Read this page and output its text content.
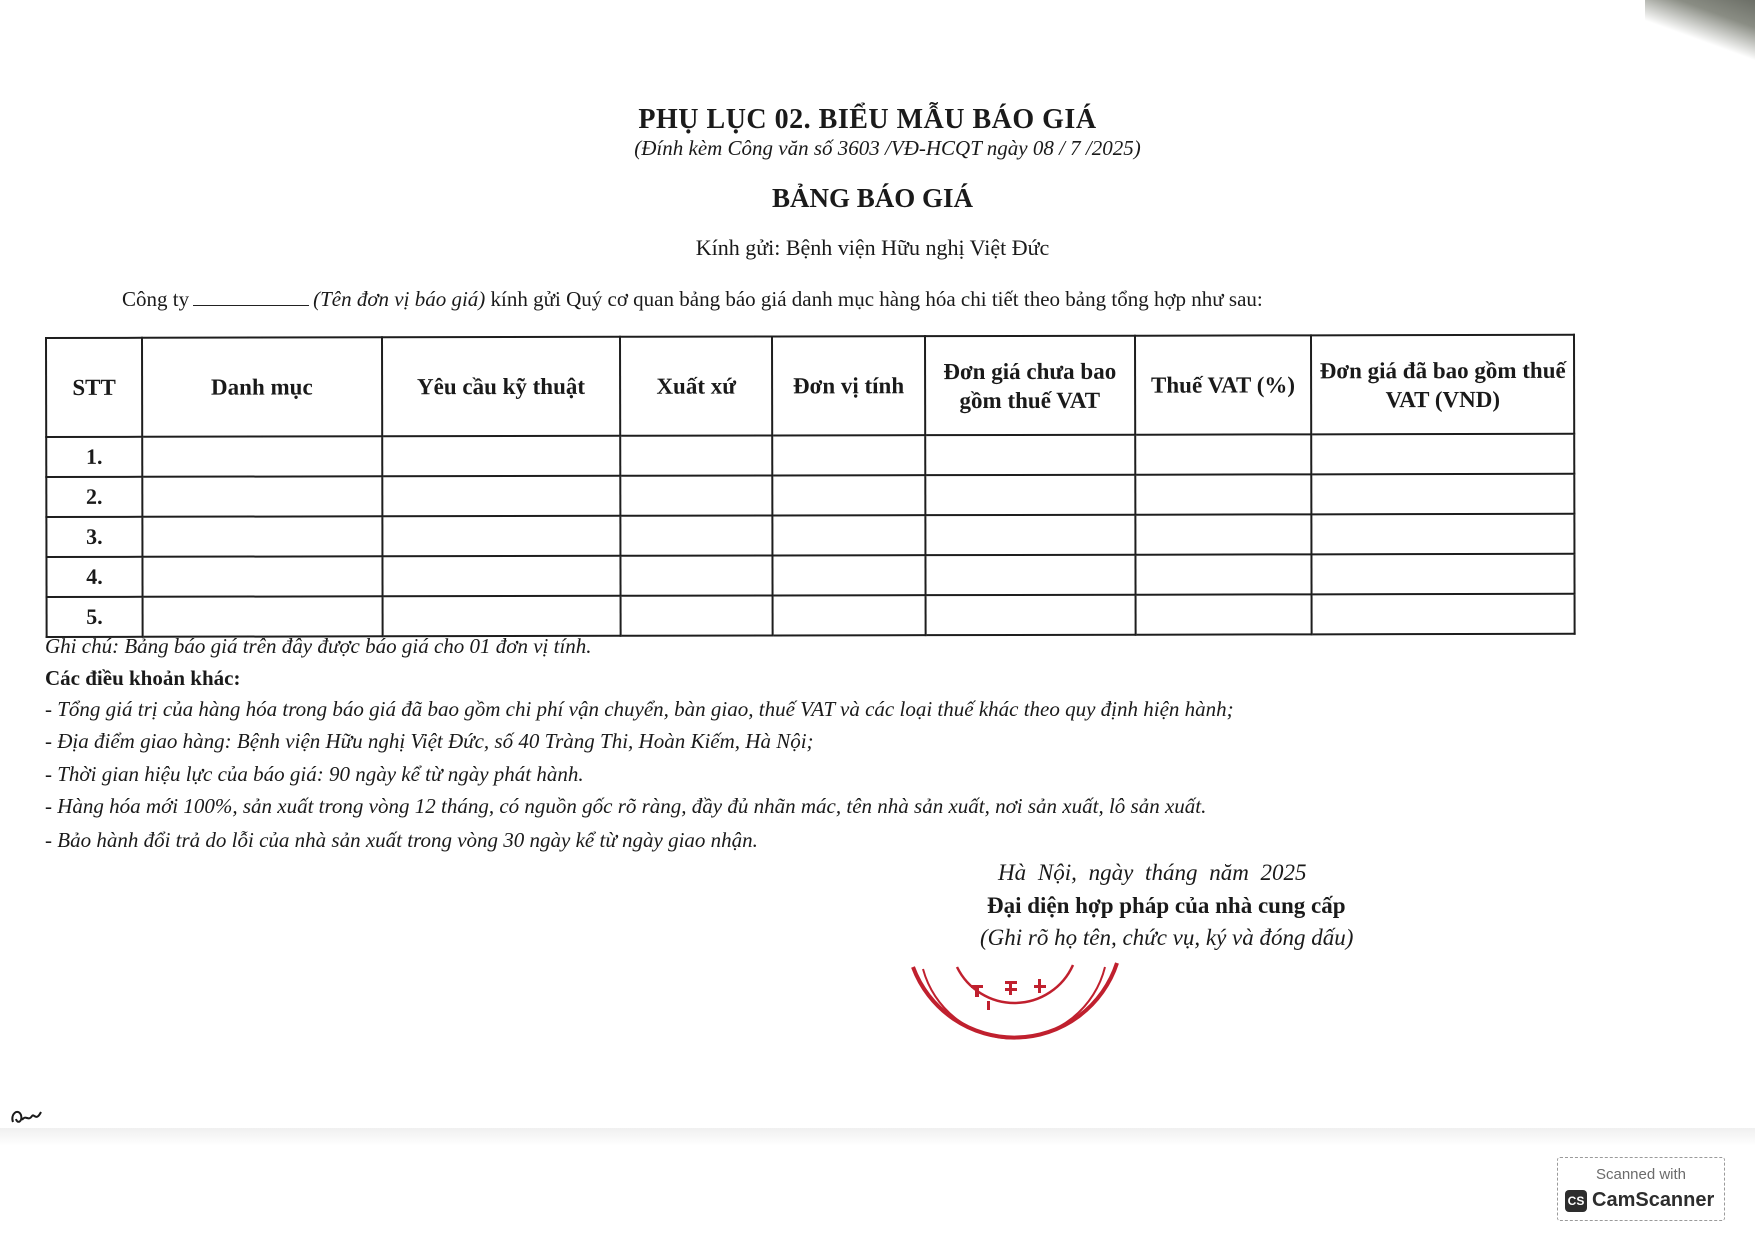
PHỤ LỤC 02. BIỂU MẪU BÁO GIÁ
(Đính kèm Công văn số 3603 /VĐ-HCQT ngày 08 / 7 /2025)
BẢNG BÁO GIÁ
Kính gửi: Bệnh viện Hữu nghị Việt Đức
Công ty	(Tên đơn vị báo giá) kính gửi Quý cơ quan bảng báo giá danh mục hàng hóa chi tiết theo bảng tổng hợp như sau:
STT	Danh mục	Yêu cầu kỹ thuật	Xuất xứ	Đơn vị tính	Đơn giá chưa bao gồm thuế VAT	Thuế VAT (%)	Đơn giá đã bao gồm thuế VAT (VND)
1.							
2.							
3.							
4.							
5.							
Ghi chú: Bảng báo giá trên đây được báo giá cho 01 đơn vị tính.
Các điều khoản khác:
- Tổng giá trị của hàng hóa trong báo giá đã bao gồm chi phí vận chuyển, bàn giao, thuế VAT và các loại thuế khác theo quy định hiện hành;
- Địa điểm giao hàng: Bệnh viện Hữu nghị Việt Đức, số 40 Tràng Thi, Hoàn Kiếm, Hà Nội;
- Thời gian hiệu lực của báo giá: 90 ngày kể từ ngày phát hành.
- Hàng hóa mới 100%, sản xuất trong vòng 12 tháng, có nguồn gốc rõ ràng, đầy đủ nhãn mác, tên nhà sản xuất, nơi sản xuất, lô sản xuất.
- Bảo hành đổi trả do lỗi của nhà sản xuất trong vòng 30 ngày kể từ ngày giao nhận.
Hà Nội, ngày tháng năm 2025
Đại diện hợp pháp của nhà cung cấp
(Ghi rõ họ tên, chức vụ, ký và đóng dấu)
Scanned with
CS CamScanner
